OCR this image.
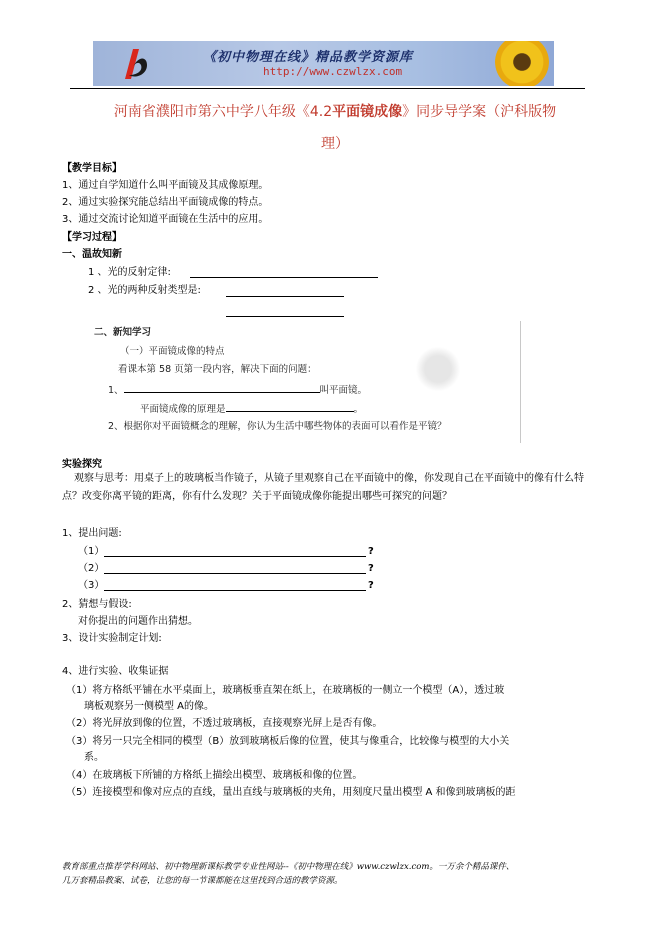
《初中物理在线》精品教学资源库
http://www.czwlzx.com
河南省濮阳市第六中学八年级《4.2平面镜成像》同步导学案（沪科版物
理）
【教学目标】
1、通过自学知道什么叫平面镜及其成像原理。
2、通过实验探究能总结出平面镜成像的特点。
3、通过交流讨论知道平面镜在生活中的应用。
【学习过程】
一、温故知新
1 、光的反射定律:
2 、光的两种反射类型是:
二、新知学习
（一）平面镜成像的特点
看课本第 58 页第一段内容，解决下面的问题：
1、	叫平面镜。
平面镜成像的原理是	。
2、根据你对平面镜概念的理解，你认为生活中哪些物体的表面可以看作是平镜？
实验探究
观察与思考：用桌子上的玻璃板当作镜子，从镜子里观察自己在平面镜中的像，你发现自己在平面镜中的像有什么特点？改变你离平镜的距离，你有什么发现？关于平面镜成像你能提出哪些可探究的问题？
1、提出问题:
（1）	?
（2）	?
（3）	?
2、猜想与假设:
对你提出的问题作出猜想。
3、设计实验制定计划:
4、进行实验、收集证据
（1）将方格纸平铺在水平桌面上，玻璃板垂直架在纸上，在玻璃板的一侧立一个模型（A），透过玻
璃板观察另一侧模型 A的像。
（2）将光屏放到像的位置，不透过玻璃板，直接观察光屏上是否有像。
（3）将另一只完全相同的模型（B）放到玻璃板后像的位置，使其与像重合，比较像与模型的大小关
系。
（4）在玻璃板下所铺的方格纸上描绘出模型、玻璃板和像的位置。
（5）连接模型和像对应点的直线，量出直线与玻璃板的夹角，用刻度尺量出模型 A 和像到玻璃板的距
教育部重点推荐学科网站、初中物理新课标教学专业性网站--《初中物理在线》www.czwlzx.com。一万余个精品课件、
几万套精品教案、试卷，让您的每一节课都能在这里找到合适的教学资源。
